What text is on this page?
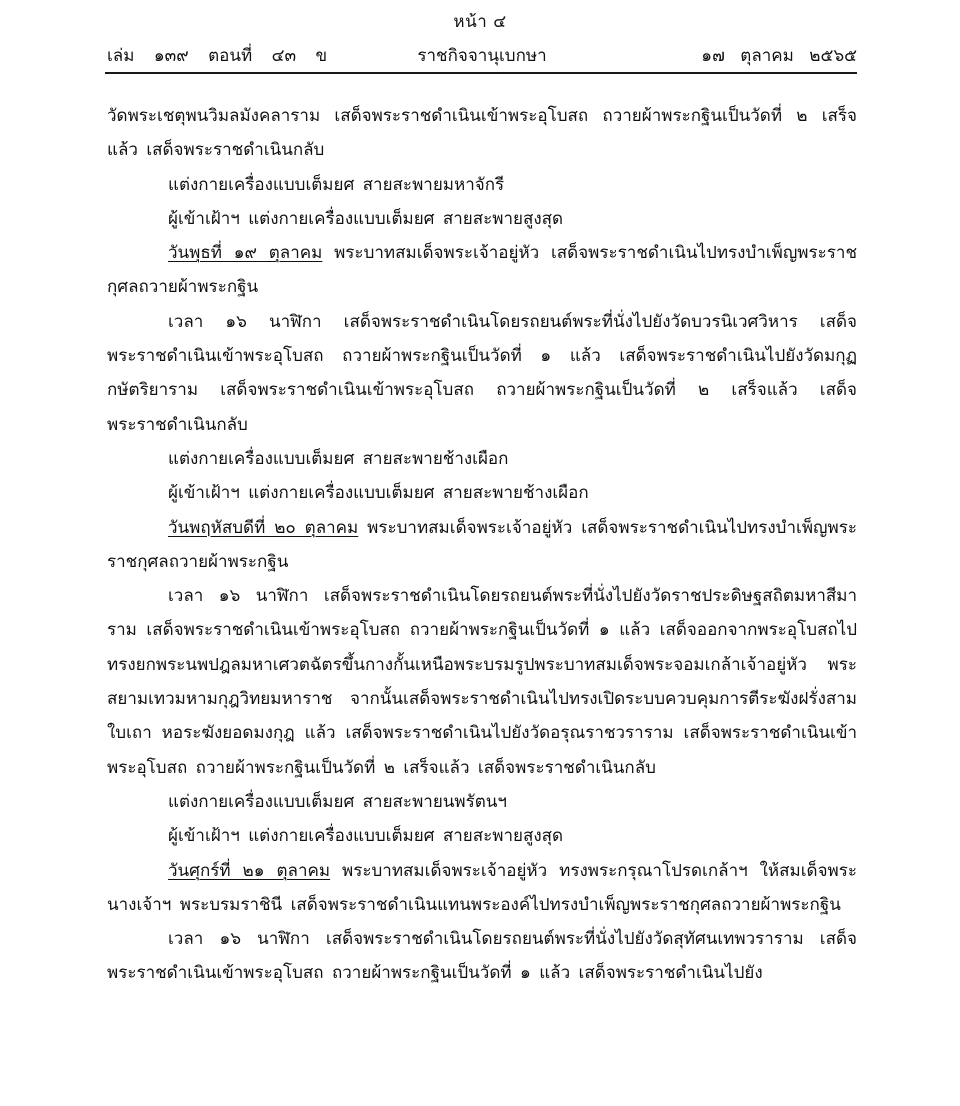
หน้า ๔
เล่ม ๑๓๙ ตอนที่ ๔๓ ข	ราชกิจจานุเบกษา	๑๗ ตุลาคม ๒๕๖๕

วัดพระเชตุพนวิมลมังคลาราม เสด็จพระราชดำเนินเข้าพระอุโบสถ ถวายผ้าพระกฐินเป็นวัดที่ ๒ เสร็จแล้ว เสด็จพระราชดำเนินกลับ

แต่งกายเครื่องแบบเต็มยศ สายสะพายมหาจักรี

ผู้เข้าเฝ้าฯ แต่งกายเครื่องแบบเต็มยศ สายสะพายสูงสุด

วันพุธที่ ๑๙ ตุลาคม พระบาทสมเด็จพระเจ้าอยู่หัว เสด็จพระราชดำเนินไปทรงบำเพ็ญพระราชกุศลถวายผ้าพระกฐิน

เวลา ๑๖ นาฬิกา เสด็จพระราชดำเนินโดยรถยนต์พระที่นั่งไปยังวัดบวรนิเวศวิหาร เสด็จพระราชดำเนินเข้าพระอุโบสถ ถวายผ้าพระกฐินเป็นวัดที่ ๑ แล้ว เสด็จพระราชดำเนินไปยังวัดมกุฏกษัตริยาราม เสด็จพระราชดำเนินเข้าพระอุโบสถ ถวายผ้าพระกฐินเป็นวัดที่ ๒ เสร็จแล้ว เสด็จพระราชดำเนินกลับ

แต่งกายเครื่องแบบเต็มยศ สายสะพายช้างเผือก

ผู้เข้าเฝ้าฯ แต่งกายเครื่องแบบเต็มยศ สายสะพายช้างเผือก

วันพฤหัสบดีที่ ๒๐ ตุลาคม พระบาทสมเด็จพระเจ้าอยู่หัว เสด็จพระราชดำเนินไปทรงบำเพ็ญพระราชกุศลถวายผ้าพระกฐิน

เวลา ๑๖ นาฬิกา เสด็จพระราชดำเนินโดยรถยนต์พระที่นั่งไปยังวัดราชประดิษฐสถิตมหาสีมาราม เสด็จพระราชดำเนินเข้าพระอุโบสถ ถวายผ้าพระกฐินเป็นวัดที่ ๑ แล้ว เสด็จออกจากพระอุโบสถไปทรงยกพระนพปฎลมหาเศวตฉัตรขึ้นกางกั้นเหนือพระบรมรูปพระบาทสมเด็จพระจอมเกล้าเจ้าอยู่หัว พระสยามเทวมหามกุฎวิทยมหาราช จากนั้นเสด็จพระราชดำเนินไปทรงเปิดระบบควบคุมการตีระฆังฝรั่งสามใบเถา หอระฆังยอดมงกุฎ แล้ว เสด็จพระราชดำเนินไปยังวัดอรุณราชวราราม เสด็จพระราชดำเนินเข้าพระอุโบสถ ถวายผ้าพระกฐินเป็นวัดที่ ๒ เสร็จแล้ว เสด็จพระราชดำเนินกลับ

แต่งกายเครื่องแบบเต็มยศ สายสะพายนพรัตนฯ

ผู้เข้าเฝ้าฯ แต่งกายเครื่องแบบเต็มยศ สายสะพายสูงสุด

วันศุกร์ที่ ๒๑ ตุลาคม พระบาทสมเด็จพระเจ้าอยู่หัว ทรงพระกรุณาโปรดเกล้าฯ ให้สมเด็จพระนางเจ้าฯ พระบรมราชินี เสด็จพระราชดำเนินแทนพระองค์ไปทรงบำเพ็ญพระราชกุศลถวายผ้าพระกฐิน

เวลา ๑๖ นาฬิกา เสด็จพระราชดำเนินโดยรถยนต์พระที่นั่งไปยังวัดสุทัศนเทพวราราม เสด็จพระราชดำเนินเข้าพระอุโบสถ ถวายผ้าพระกฐินเป็นวัดที่ ๑ แล้ว เสด็จพระราชดำเนินไปยัง
